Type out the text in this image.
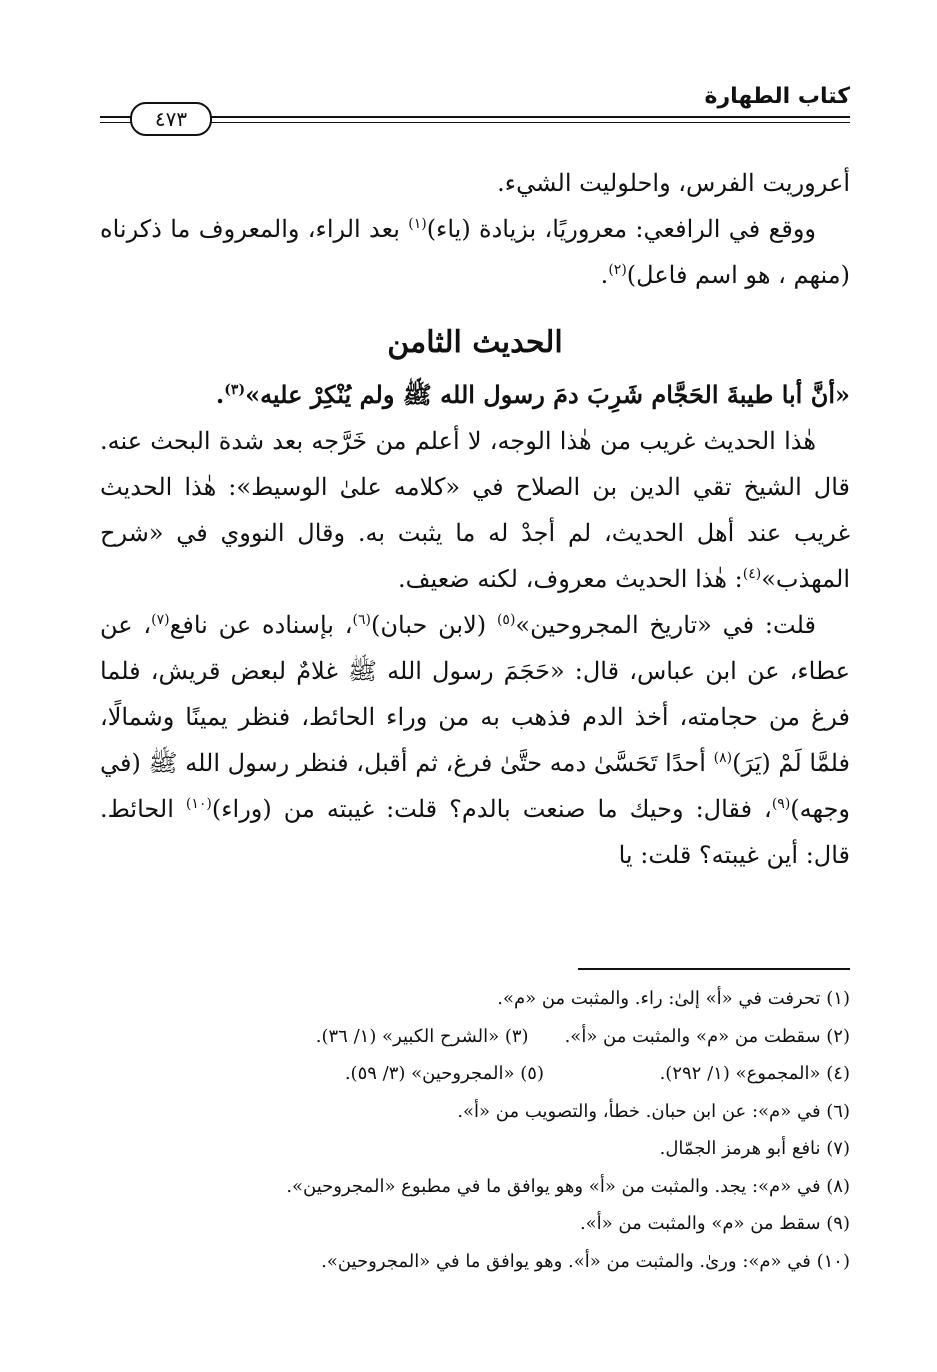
كتاب الطهارة
٤٧٣

أعروريت الفرس، واحلوليت الشيء.

ووقع في الرافعي: معروريًا، بزيادة (ياء)$^{(١)}$ بعد الراء، والمعروف ما ذكرناه (منهم ، هو اسم فاعل)$^{(٢)}$.

الحديث الثامن

«أنَّ أبا طيبةَ الحَجَّام شَرِبَ دمَ رسول الله ﷺ ولم يُنْكِرْ عليه»$^{(٣)}$.

هٰذا الحديث غريب من هٰذا الوجه، لا أعلم من خَرَّجه بعد شدة البحث عنه. قال الشيخ تقي الدين بن الصلاح في «كلامه علىٰ الوسيط»: هٰذا الحديث غريب عند أهل الحديث، لم أجدْ له ما يثبت به. وقال النووي في «شرح المهذب»$^{(٤)}$: هٰذا الحديث معروف، لكنه ضعيف.

قلت: في «تاريخ المجروحين»$^{(٥)}$ (لابن حبان)$^{(٦)}$، بإسناده عن نافع$^{(٧)}$، عن عطاء، عن ابن عباس، قال: «حَجَمَ رسول الله ﷺ غلامٌ لبعض قريش، فلما فرغ من حجامته، أخذ الدم فذهب به من وراء الحائط، فنظر يمينًا وشمالًا، فلمَّا لَمْ (يَرَ)$^{(٨)}$ أحدًا تَحَسَّىٰ دمه حتَّىٰ فرغ، ثم أقبل، فنظر رسول الله ﷺ (في وجهه)$^{(٩)}$، فقال: وحيك ما صنعت بالدم؟ قلت: غيبته من (وراء)$^{(١٠)}$ الحائط. قال: أين غيبته؟ قلت: يا

(١) تحرفت في «أ» إلىٰ: راء. والمثبت من «م».
(٢) سقطت من «م» والمثبت من «أ».(٣) «الشرح الكبير» (١/ ٣٦).
(٤) «المجموع» (١/ ٢٩٢).(٥) «المجروحين» (٣/ ٥٩).
(٦) في «م»: عن ابن حبان. خطأ، والتصويب من «أ».
(٧) نافع أبو هرمز الجمّال.
(٨) في «م»: يجد. والمثبت من «أ» وهو يوافق ما في مطبوع «المجروحين».
(٩) سقط من «م» والمثبت من «أ».
(١٠) في «م»: ورىٰ. والمثبت من «أ». وهو يوافق ما في «المجروحين».
